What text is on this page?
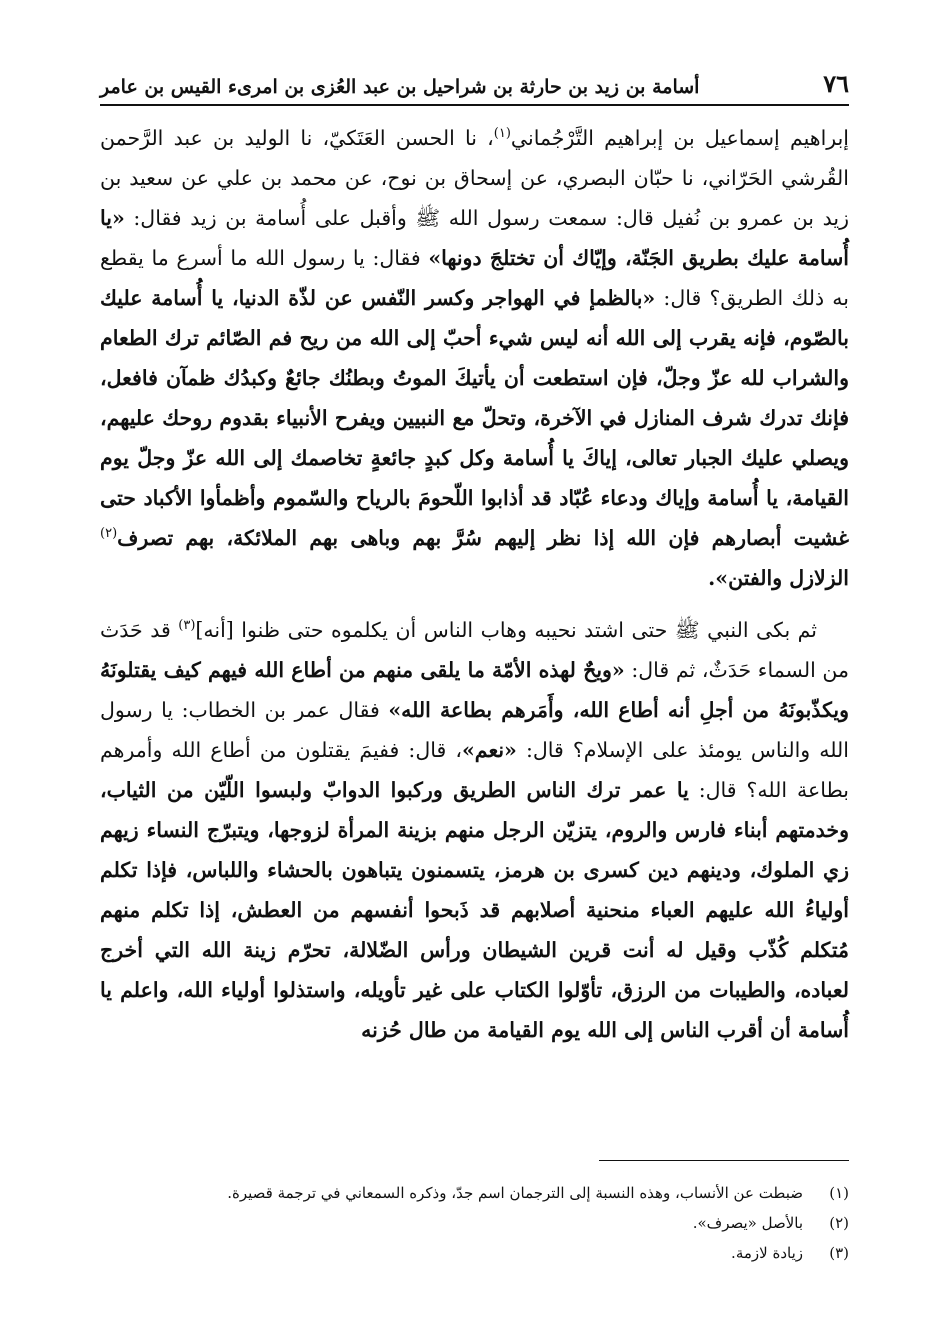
٧٦
أسامة بن زيد بن حارثة بن شراحيل بن عبد العُزى بن امرىء القيس بن عامر

إبراهيم إسماعيل بن إبراهيم التَّرْجُماني$^{(١)}$، نا الحسن العَتَكيّ، نا الوليد بن عبد الرَّحمن القُرشي الحَرّاني، نا حبّان البصري، عن إسحاق بن نوح، عن محمد بن علي عن سعيد بن زيد بن عمرو بن نُفيل قال: سمعت رسول الله ﷺ وأقبل على أُسامة بن زيد فقال: «يا أُسامة عليك بطريق الجَنّة، وإيّاك أن تختلجَ دونها» فقال: يا رسول الله ما أسرع ما يقطع به ذلك الطريق؟ قال: «بالظمإ في الهواجر وكسر النّفس عن لذّة الدنيا، يا أُسامة عليك بالصّوم، فإنه يقرب إلى الله أنه ليس شيء أحبّ إلى الله من ريح فم الصّائم ترك الطعام والشراب لله عزّ وجلّ، فإن استطعت أن يأتيكَ الموتُ وبطنُك جائعٌ وكبدُك ظمآن فافعل، فإنك تدرك شرف المنازل في الآخرة، وتحلّ مع النبيين ويفرح الأنبياء بقدوم روحك عليهم، ويصلي عليك الجبار تعالى، إياكَ يا أُسامة وكل كبدٍ جائعةٍ تخاصمك إلى الله عزّ وجلّ يوم القيامة، يا أُسامة وإياك ودعاء عُبّاد قد أذابوا اللّحومَ بالرياح والسّموم وأظمأوا الأكباد حتى غشيت أبصارهم فإن الله إذا نظر إليهم سُرَّ بهم وباهى بهم الملائكة، بهم تصرف$^{(٢)}$ الزلازل والفتن».

ثم بكى النبي ﷺ حتى اشتد نحيبه وهاب الناس أن يكلموه حتى ظنوا [أنه]$^{(٣)}$ قد حَدَث من السماء حَدَثٌ، ثم قال: «ويحٌ لهذه الأمّة ما يلقى منهم من أطاع الله فيهم كيف يقتلونَهُ ويكذّبونَهُ من أجلِ أنه أطاع الله، وأَمَرهم بطاعة الله» فقال عمر بن الخطاب: يا رسول الله والناس يومئذ على الإسلام؟ قال: «نعم»، قال: ففيمَ يقتلون من أطاع الله وأمرهم بطاعة الله؟ قال: يا عمر ترك الناس الطريق وركبوا الدوابّ ولبسوا اللّيّن من الثياب، وخدمتهم أبناء فارس والروم، يتزيّن الرجل منهم بزينة المرأة لزوجها، ويتبرّج النساء زيهم زي الملوك، ودينهم دين كسرى بن هرمز، يتسمنون يتباهون بالحشاء واللباس، فإذا تكلم أولياءُ الله عليهم العباء منحنية أصلابهم قد ذَبحوا أنفسهم من العطش، إذا تكلم منهم مُتكلم كُذّب وقيل له أنت قرين الشيطان ورأس الضّلالة، تحرّم زينة الله التي أخرج لعباده، والطيبات من الرزق، تأوّلوا الكتاب على غير تأويله، واستذلوا أولياء الله، واعلم يا أُسامة أن أقرب الناس إلى الله يوم القيامة من طال حُزنه

(١)
ضبطت عن الأنساب، وهذه النسبة إلى الترجمان اسم جدّ، وذكره السمعاني في ترجمة قصيرة.
(٢)
بالأصل «يصرف».
(٣)
زيادة لازمة.
